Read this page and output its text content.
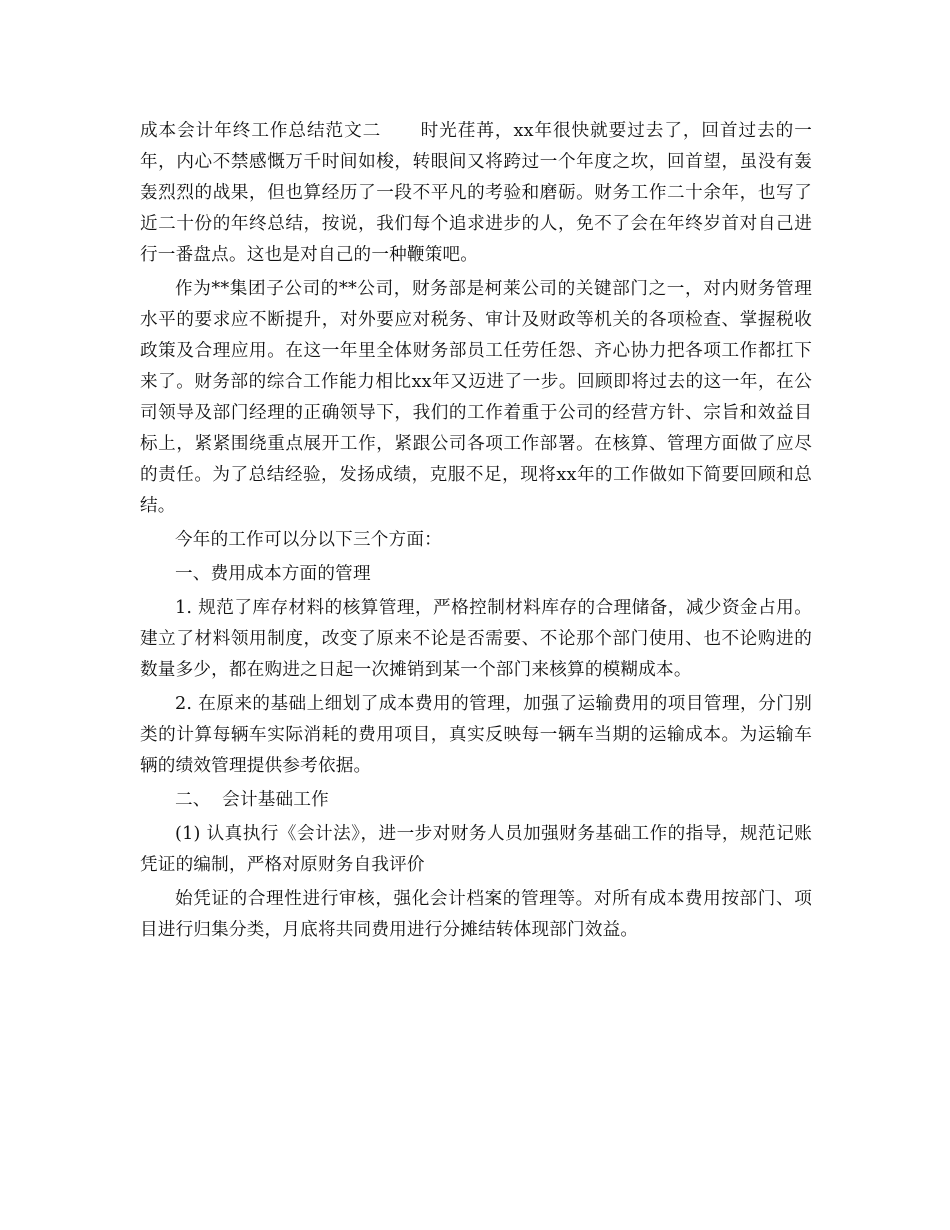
成本会计年终工作总结范文二 时光荏苒，xx年很快就要过去了，回首过去的一年，内心不禁感慨万千时间如梭，转眼间又将跨过一个年度之坎，回首望，虽没有轰轰烈烈的战果，但也算经历了一段不平凡的考验和磨砺。财务工作二十余年，也写了近二十份的年终总结，按说，我们每个追求进步的人，免不了会在年终岁首对自己进行一番盘点。这也是对自己的一种鞭策吧。

作为**集团子公司的**公司，财务部是柯莱公司的关键部门之一，对内财务管理水平的要求应不断提升，对外要应对税务、审计及财政等机关的各项检查、掌握税收政策及合理应用。在这一年里全体财务部员工任劳任怨、齐心协力把各项工作都扛下来了。财务部的综合工作能力相比xx年又迈进了一步。回顾即将过去的这一年，在公司领导及部门经理的正确领导下，我们的工作着重于公司的经营方针、宗旨和效益目标上，紧紧围绕重点展开工作，紧跟公司各项工作部署。在核算、管理方面做了应尽的责任。为了总结经验，发扬成绩，克服不足，现将xx年的工作做如下简要回顾和总结。

今年的工作可以分以下三个方面：

一、费用成本方面的管理

1. 规范了库存材料的核算管理，严格控制材料库存的合理储备，减少资金占用。建立了材料领用制度，改变了原来不论是否需要、不论那个部门使用、也不论购进的数量多少，都在购进之日起一次摊销到某一个部门来核算的模糊成本。

2. 在原来的基础上细划了成本费用的管理，加强了运输费用的项目管理，分门别类的计算每辆车实际消耗的费用项目，真实反映每一辆车当期的运输成本。为运输车辆的绩效管理提供参考依据。

二、  会计基础工作

(1) 认真执行《会计法》，进一步对财务人员加强财务基础工作的指导，规范记账凭证的编制，严格对原财务自我评价

始凭证的合理性进行审核，强化会计档案的管理等。对所有成本费用按部门、项目进行归集分类，月底将共同费用进行分摊结转体现部门效益。
